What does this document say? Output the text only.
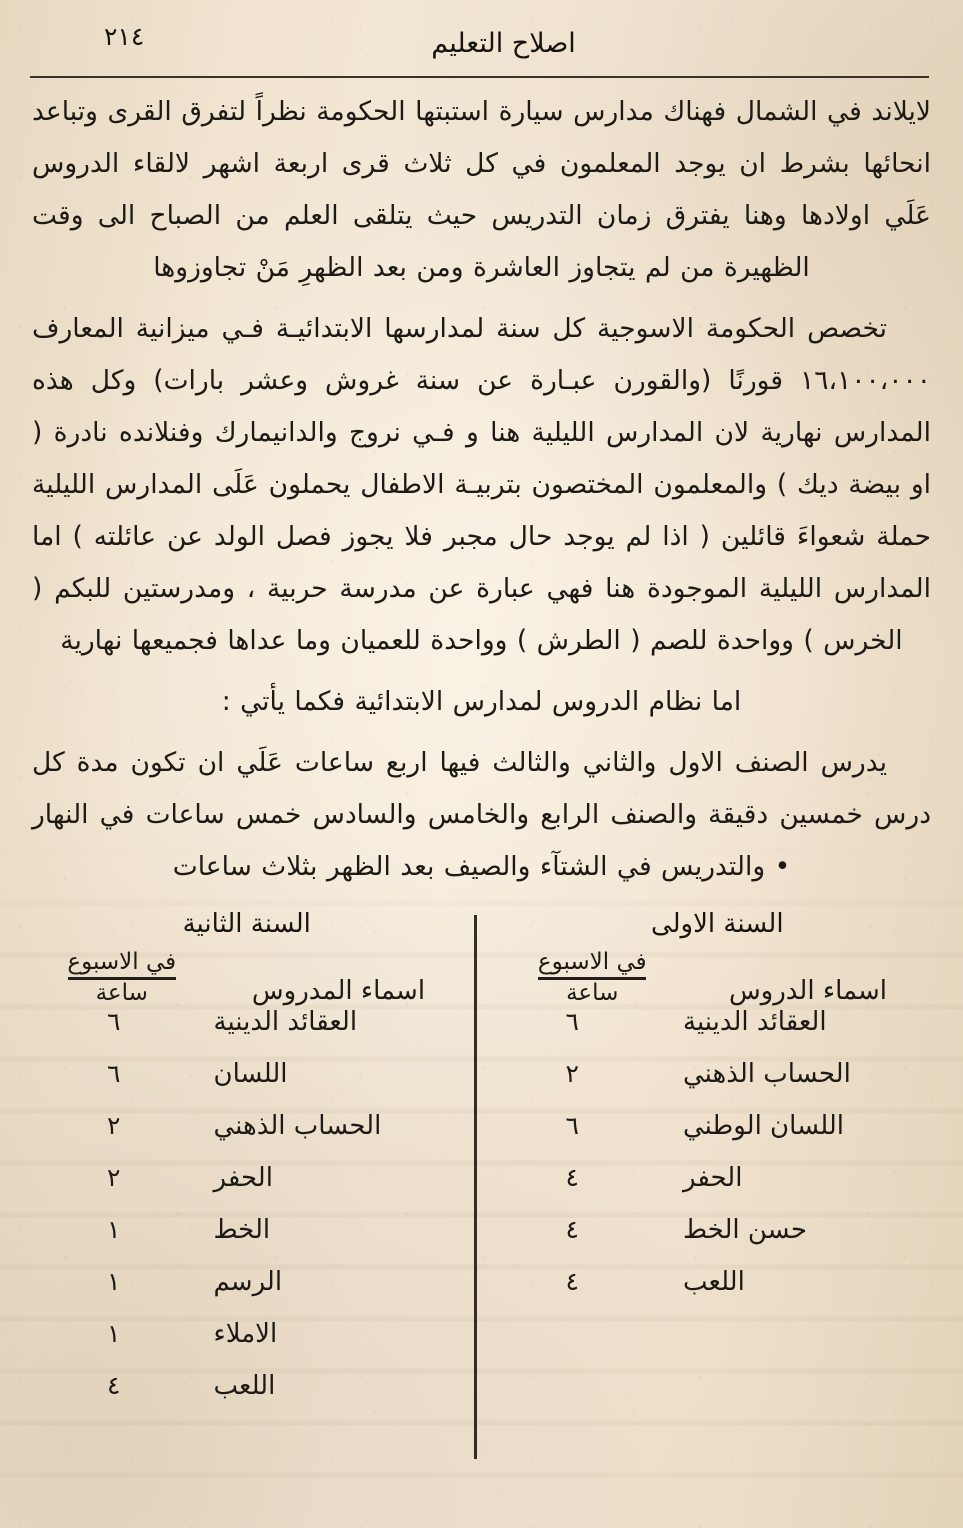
٢١٤	اصلاح التعليم

لايلاند في الشمال فهناك مدارس سيارة استبتها الحكومة نظراً لتفرق القرى وتباعد انحائها بشرط ان يوجد المعلمون في كل ثلاث قرى اربعة اشهر لالقاء الدروس عَلَي اولادها وهنا يفترق زمان التدريس حيث يتلقى العلم من الصباح الى وقت الظهيرة من لم يتجاوز العاشرة ومن بعد الظهرِ مَنْ تجاوزوها

تخصص الحكومة الاسوجية كل سنة لمدارسها الابتدائيـة فـي ميزانية المعارف ١٦،١٠٠،٠٠٠ قورنًا (والقورن عبـارة عن سنة غروش وعشر بارات) وكل هذه المدارس نهارية لان المدارس الليلية هنا و فـي نروج والدانيمارك وفنلانده نادرة ( او بيضة ديك ) والمعلمون المختصون بتربيـة الاطفال يحملون عَلَى المدارس الليلية حملة شعواءَ قائلين ( اذا لم يوجد حال مجبر فلا يجوز فصل الولد عن عائلته ) اما المدارس الليلية الموجودة هنا فهي عبارة عن مدرسة حربية ، ومدرستين للبكم ( الخرس ) وواحدة للصم ( الطرش ) وواحدة للعميان وما عداها فجميعها نهارية

اما نظام الدروس لمدارس الابتدائية فكما يأتي :

يدرس الصنف الاول والثاني والثالث فيها اربع ساعات عَلَي ان تكون مدة كل درس خمسين دقيقة والصنف الرابع والخامس والسادس خمس ساعات في النهار • والتدريس في الشتآء والصيف بعد الظهر بثلاث ساعات

السنة الاولى
اسماء الدروس
في الاسبوع
ساعة
العقائد الدينية
٦
الحساب الذهني
٢
اللسان الوطني
٦
الحفر
٤
حسن الخط
٤
اللعب
٤
السنة الثانية
اسماء المدروس
في الاسبوع
ساعة
العقائد الدينية
٦
اللسان
٦
الحساب الذهني
٢
الحفر
٢
الخط
١
الرسم
١
الاملاء
١
اللعب
٤
